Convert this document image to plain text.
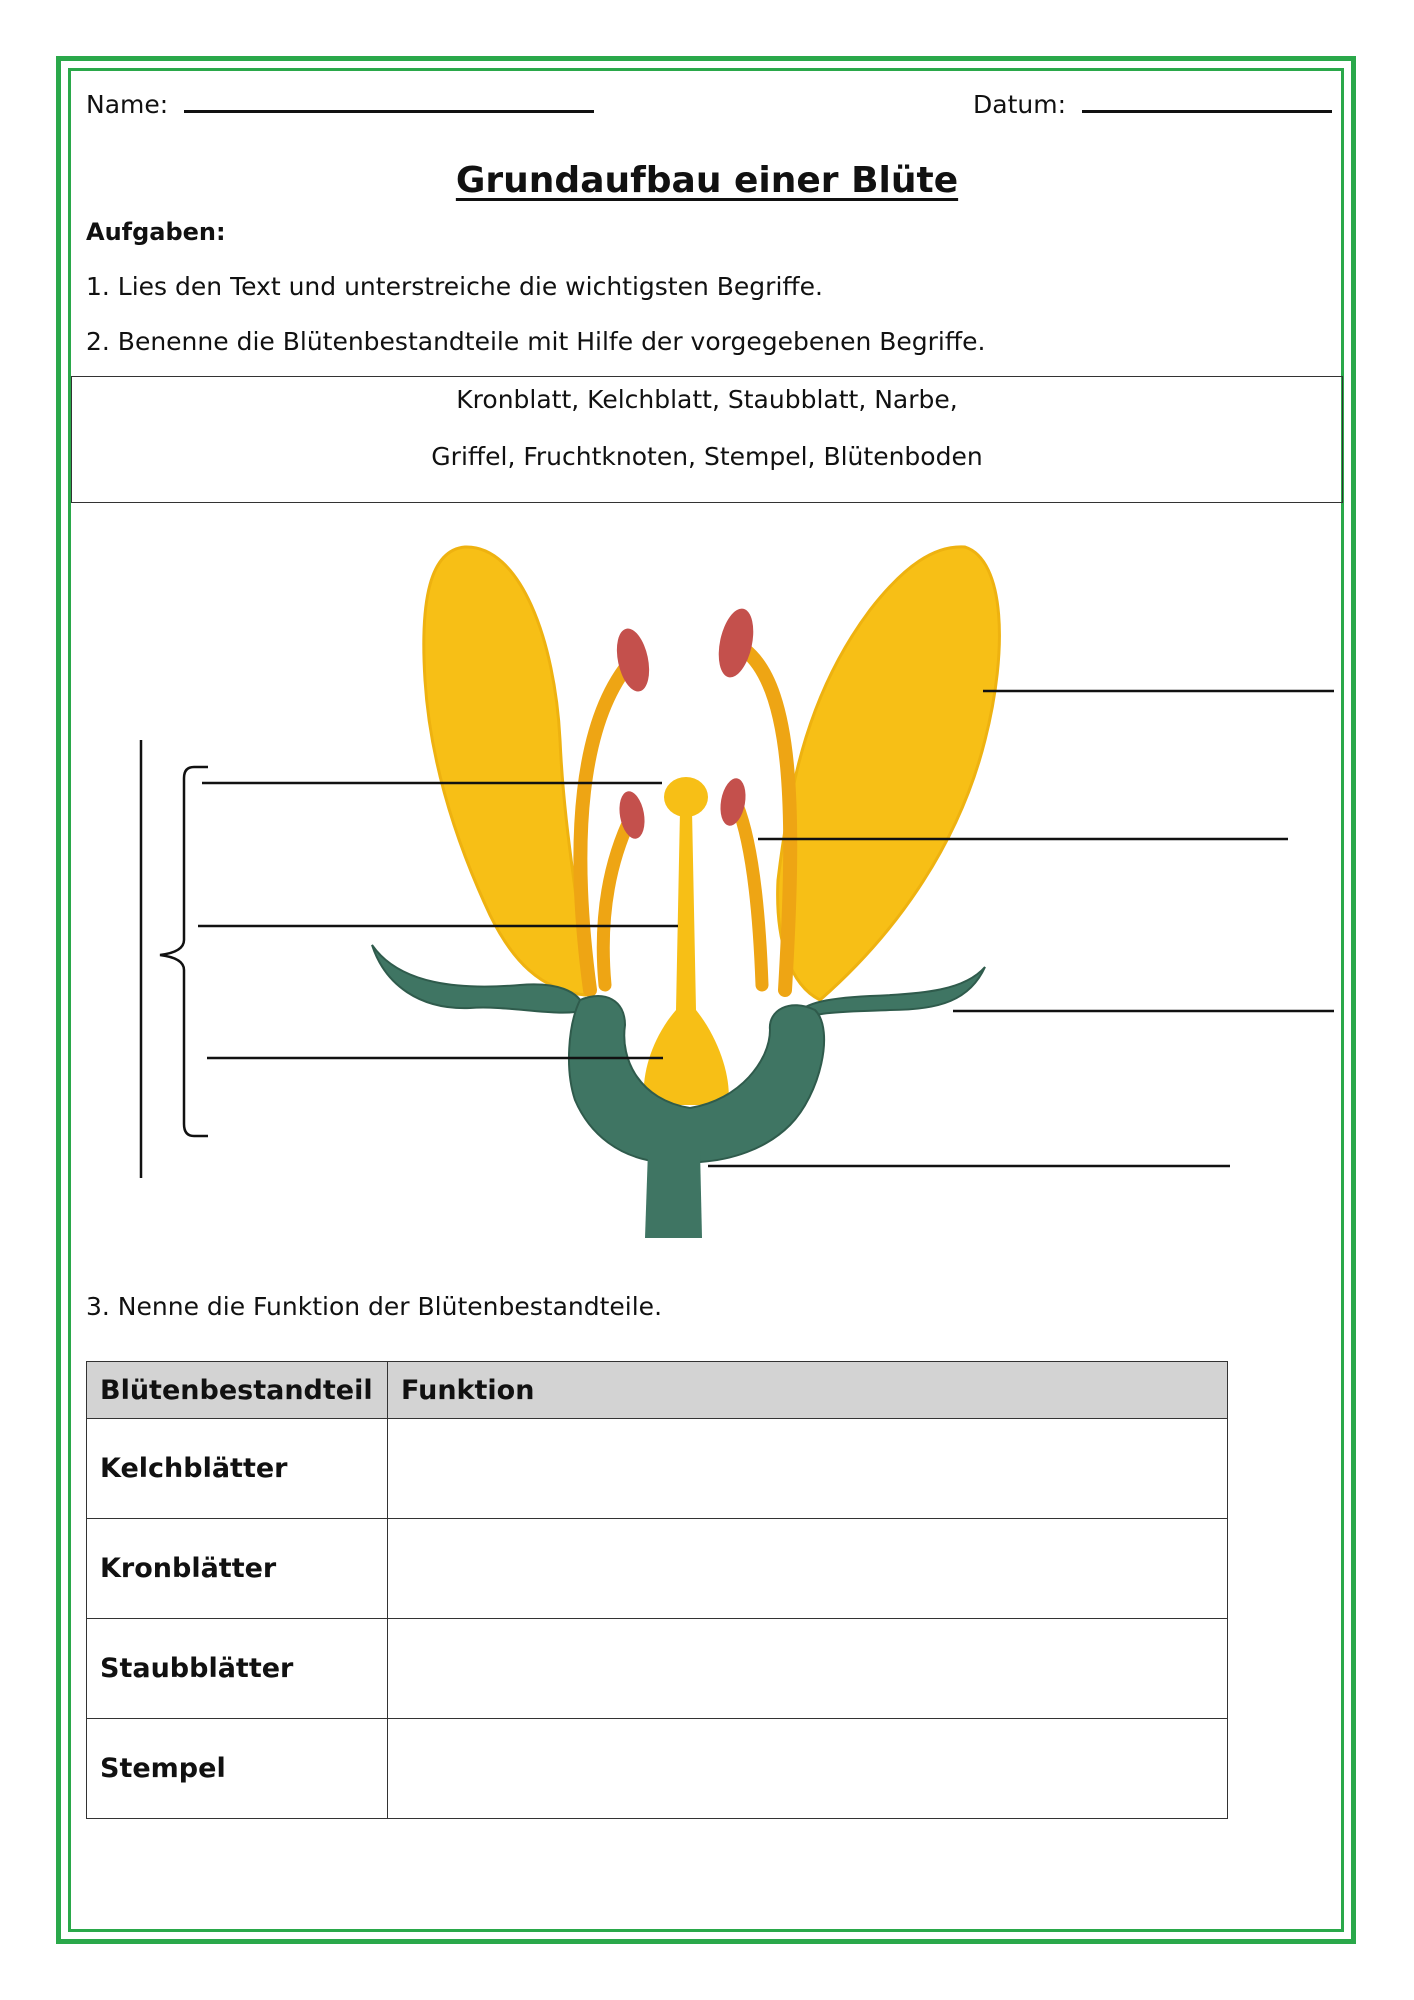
Name:	Datum:
Grundaufbau einer Blüte
Aufgaben:
1. Lies den Text und unterstreiche die wichtigsten Begriffe.
2. Benenne die Blütenbestandteile mit Hilfe der vorgegebenen Begriffe.
Kronblatt, Kelchblatt, Staubblatt, Narbe,
Griffel, Fruchtknoten, Stempel, Blütenboden
3. Nenne die Funktion der Blütenbestandteile.
Blütenbestandteil	Funktion
Kelchblätter	
Kronblätter	
Staubblätter	
Stempel	
